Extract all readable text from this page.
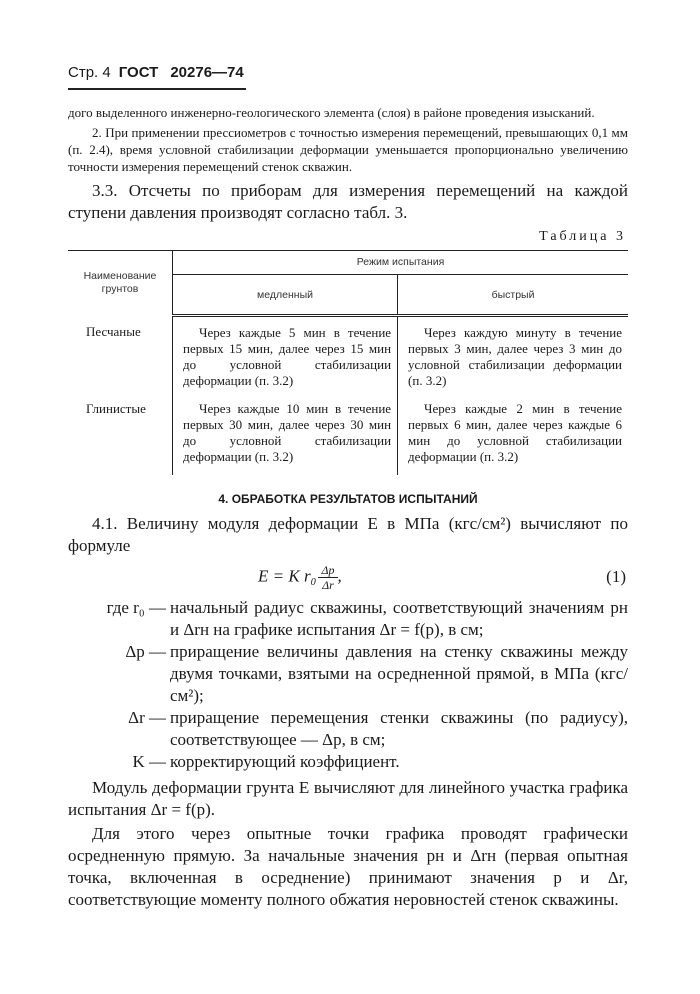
Стр. 4 ГОСТ 20276—74
дого выделенного инженерно-геологического элемента (слоя) в районе проведения изысканий.
2. При применении прессиометров с точностью измерения перемещений, превышающих 0,1 мм (п. 2.4), время условной стабилизации деформации уменьшается пропорционально увеличению точности измерения перемещений стенок скважин.
3.3. Отсчеты по приборам для измерения перемещений на каждой ступени давления производят согласно табл. 3.
Таблица 3
Наименование грунтов	Режим испытания	
	медленный	быстрый
Песчаные	Через каждые 5 мин в течение первых 15 мин, далее через 15 мин до условной стабилизации деформации (п. 3.2)	Через каждую минуту в течение первых 3 мин, далее через 3 мин до условной стабилизации деформации (п. 3.2)
Глинистые	Через каждые 10 мин в течение первых 30 мин, далее через 30 мин до условной стабилизации деформации (п. 3.2)	Через каждые 2 мин в течение первых 6 мин, далее через каждые 6 мин до условной стабилизации деформации (п. 3.2)
4. ОБРАБОТКА РЕЗУЛЬТАТОВ ИСПЫТАНИЙ
4.1. Величину модуля деформации E в МПа (кгс/см²) вычисляют по формуле
E = K $r_0 \frac{\Delta p}{\Delta r}$ ,	(1)
где r₀ — начальный радиус скважины, соответствующий значениям pн и Δrн на графике испытания Δr = f(p), в см;
Δp — приращение величины давления на стенку скважины между двумя точками, взятыми на осредненной прямой, в МПа (кгс/см²);
Δr — приращение перемещения стенки скважины (по радиусу), соответствующее — Δp, в см;
K — корректирующий коэффициент.
Модуль деформации грунта E вычисляют для линейного участка графика испытания Δr = f(p).
Для этого через опытные точки графика проводят графически осредненную прямую. За начальные значения pн и Δrн (первая опытная точка, включенная в осреднение) принимают значения p и Δr, соответствующие моменту полного обжатия неровностей стенок скважины.
